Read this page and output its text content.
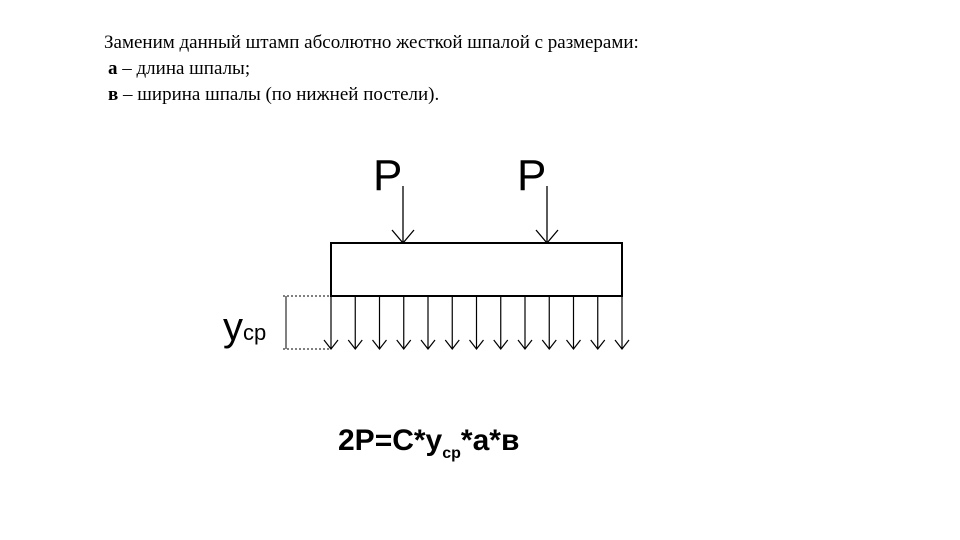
Заменим данный штамп абсолютно жесткой шпалой с размерами:
а – длина шпалы;
в – ширина шпалы (по нижней постели).
P	P
уср
$2P=C*у_{ср}*а*в$
